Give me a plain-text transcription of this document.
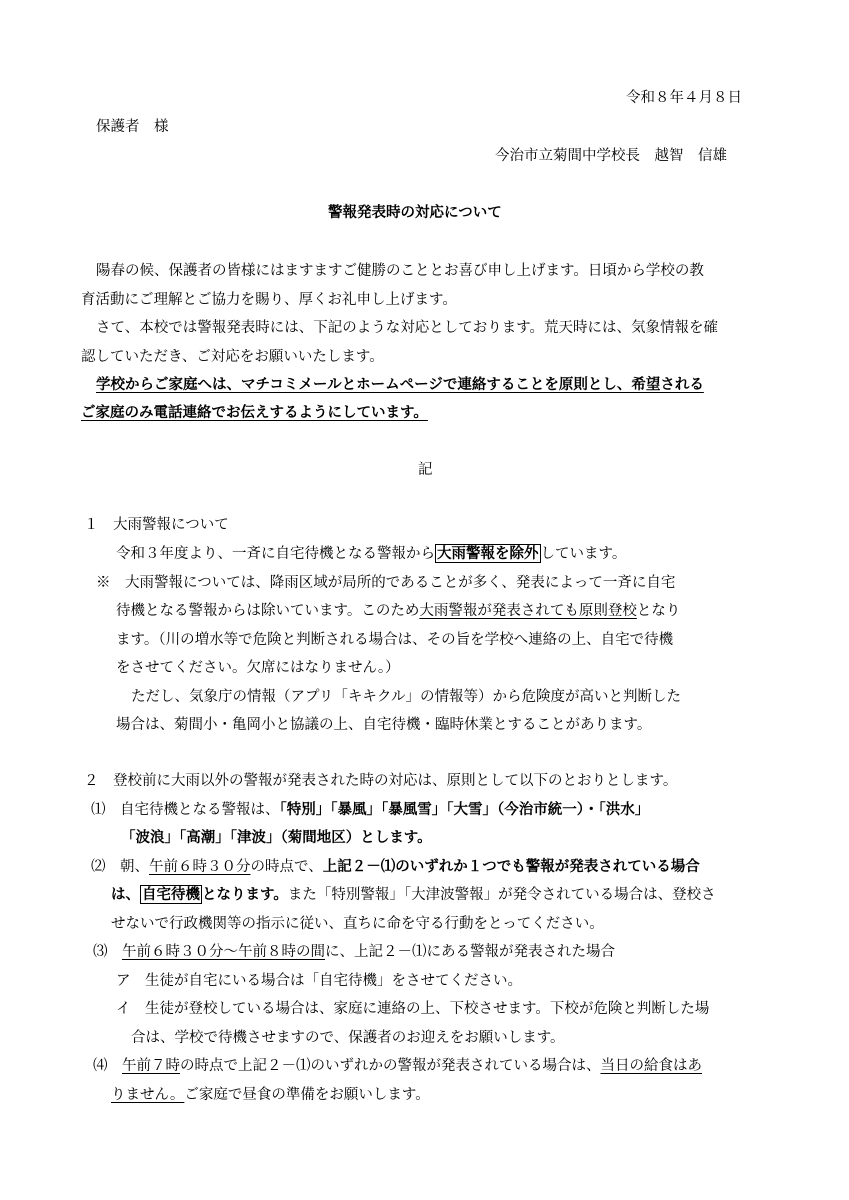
令和８年４月８日
保護者　様
今治市立菊間中学校長　越智　信雄
警報発表時の対応について
陽春の候、保護者の皆様にはますますご健勝のこととお喜び申し上げます。日頃から学校の教
育活動にご理解とご協力を賜り、厚くお礼申し上げます。
さて、本校では警報発表時には、下記のような対応としております。荒天時には、気象情報を確
認していただき、ご対応をお願いいたします。
学校からご家庭へは、マチコミメールとホームページで連絡することを原則とし、希望される
ご家庭のみ電話連絡でお伝えするようにしています。
記
１　大雨警報について
令和３年度より、一斉に自宅待機となる警報から 大雨警報を除外 しています。
※　大雨警報については、降雨区域が局所的であることが多く、発表によって一斉に自宅
待機となる警報からは除いています。このため大雨警報が発表されても原則登校となり
ます。（川の増水等で危険と判断される場合は、その旨を学校へ連絡の上、自宅で待機
をさせてください。欠席にはなりません。）
ただし、気象庁の情報（アプリ「キキクル」の情報等）から危険度が高いと判断した
場合は、菊間小・亀岡小と協議の上、自宅待機・臨時休業とすることがあります。
２　登校前に大雨以外の警報が発表された時の対応は、原則として以下のとおりとします。
⑴　自宅待機となる警報は、「特別」「暴風」「暴風雪」「大雪」（今治市統一）・「洪水」
「波浪」「高潮」「津波」（菊間地区）とします。
⑵　朝、午前６時３０分の時点で、上記２－⑴のいずれか１つでも警報が発表されている場合
は、 自宅待機 となります。また「特別警報」「大津波警報」が発令されている場合は、登校さ
せないで行政機関等の指示に従い、直ちに命を守る行動をとってください。
⑶　午前６時３０分～午前８時の間に、上記２－⑴にある警報が発表された場合
ア　生徒が自宅にいる場合は「自宅待機」をさせてください。
イ　生徒が登校している場合は、家庭に連絡の上、下校させます。下校が危険と判断した場
合は、学校で待機させますので、保護者のお迎えをお願いします。
⑷　午前７時の時点で上記２－⑴のいずれかの警報が発表されている場合は、当日の給食はあ
りません。ご家庭で昼食の準備をお願いします。
